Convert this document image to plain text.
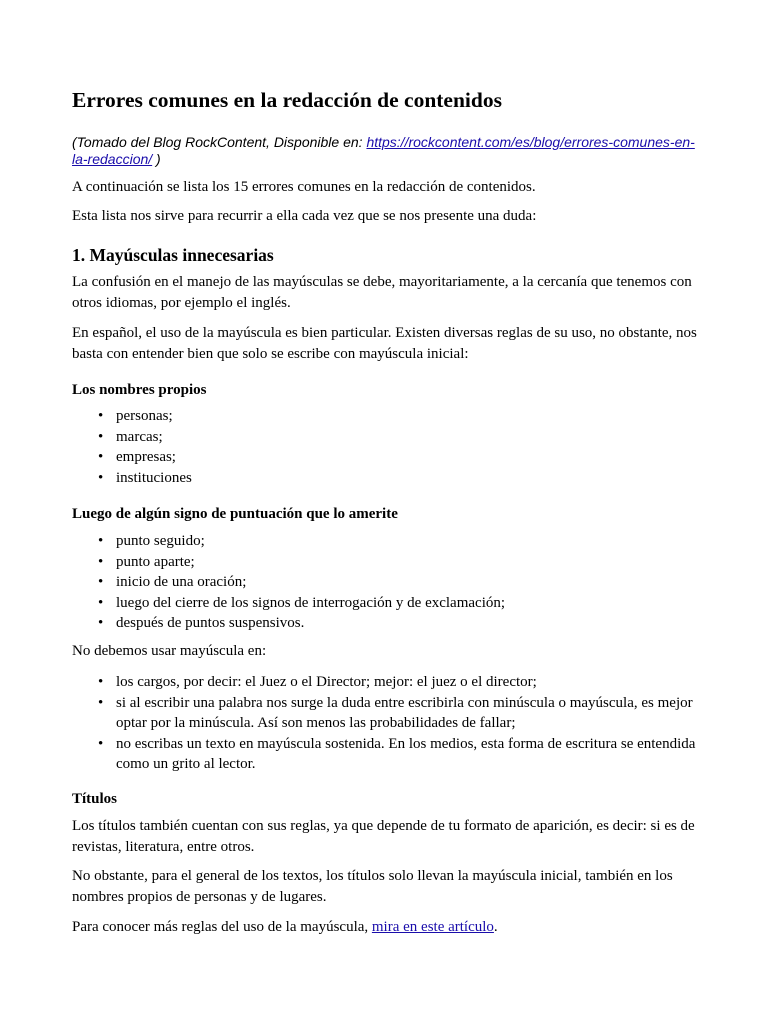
Errores comunes en la redacción de contenidos

(Tomado del Blog RockContent, Disponible en: https://rockcontent.com/es/blog/errores-comunes-en-la-redaccion/ )

A continuación se lista los 15 errores comunes en la redacción de contenidos.

Esta lista nos sirve para recurrir a ella cada vez que se nos presente una duda:

1. Mayúsculas innecesarias

La confusión en el manejo de las mayúsculas se debe, mayoritariamente, a la cercanía que tenemos con otros idiomas, por ejemplo el inglés.

En español, el uso de la mayúscula es bien particular. Existen diversas reglas de su uso, no obstante, nos basta con entender bien que solo se escribe con mayúscula inicial:

Los nombres propios
• personas;
• marcas;
• empresas;
• instituciones
Luego de algún signo de puntuación que lo amerite
• punto seguido;
• punto aparte;
• inicio de una oración;
• luego del cierre de los signos de interrogación y de exclamación;
• después de puntos suspensivos.

No debemos usar mayúscula en:

• los cargos, por decir: el Juez o el Director; mejor: el juez o el director;
• si al escribir una palabra nos surge la duda entre escribirla con minúscula o mayúscula, es mejor optar por la minúscula. Así son menos las probabilidades de fallar;
• no escribas un texto en mayúscula sostenida. En los medios, esta forma de escritura se entendida como un grito al lector.
Títulos

Los títulos también cuentan con sus reglas, ya que depende de tu formato de aparición, es decir: si es de revistas, literatura, entre otros.

No obstante, para el general de los textos, los títulos solo llevan la mayúscula inicial, también en los nombres propios de personas y de lugares.

Para conocer más reglas del uso de la mayúscula, mira en este artículo.
